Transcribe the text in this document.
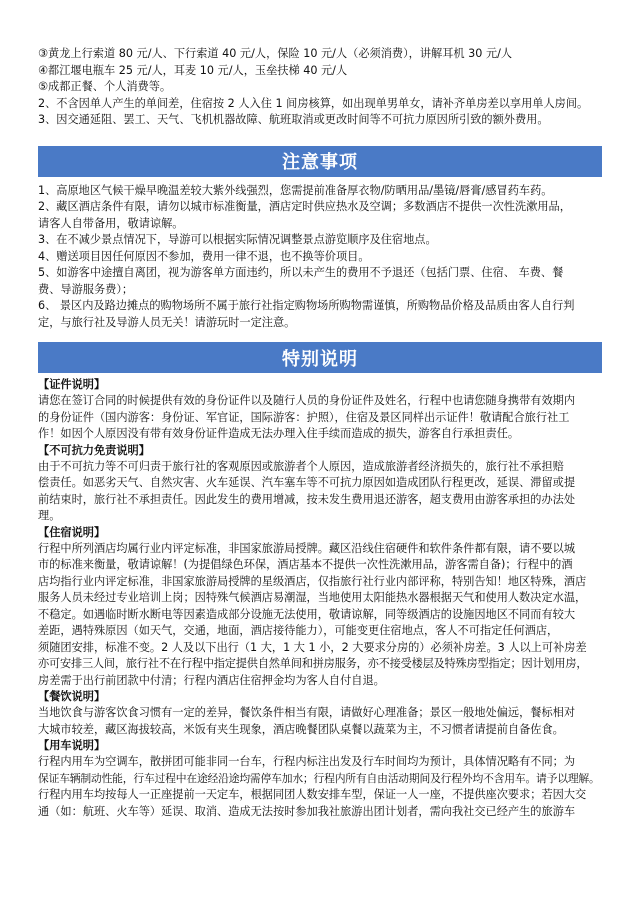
③黄龙上行索道 80 元/人、下行索道 40 元/人，保险 10 元/人（必须消费），讲解耳机 30 元/人

④都江堰电瓶车 25 元/人，耳麦 10 元/人，玉垒扶梯 40 元/人

⑤成都正餐、个人消费等。

2、不含因单人产生的单间差，住宿按 2 人入住 1 间房核算，如出现单男单女，请补齐单房差以享用单人房间。

3、因交通延阻、罢工、天气、飞机机器故障、航班取消或更改时间等不可抗力原因所引致的额外费用。

注意事项

1、高原地区气候干燥早晚温差较大紫外线强烈，您需提前准备厚衣物/防晒用品/墨镜/唇膏/感冒药车药。

2、藏区酒店条件有限，请勿以城市标准衡量，酒店定时供应热水及空调；多数酒店不提供一次性洗漱用品，

请客人自带备用，敬请谅解。

3、在不减少景点情况下，导游可以根据实际情况调整景点游览顺序及住宿地点。

4、赠送项目因任何原因不参加，费用一律不退，也不换等价项目。

5、如游客中途擅自离团，视为游客单方面违约，所以未产生的费用不予退还（包括门票、住宿、 车费、餐

费、导游服务费）；

6、 景区内及路边摊点的购物场所不属于旅行社指定购物场所购物需谨慎，所购物品价格及品质由客人自行判

定，与旅行社及导游人员无关！请游玩时一定注意。

特别说明

【证件说明】

请您在签订合同的时候提供有效的身份证件以及随行人员的身份证件及姓名，行程中也请您随身携带有效期内

的身份证件（国内游客：身份证、军官证，国际游客：护照），住宿及景区同样出示证件！敬请配合旅行社工

作！如因个人原因没有带有效身份证件造成无法办理入住手续而造成的损失，游客自行承担责任。

【不可抗力免责说明】

由于不可抗力等不可归责于旅行社的客观原因或旅游者个人原因，造成旅游者经济损失的，旅行社不承担赔

偿责任。如恶劣天气、自然灾害、火车延误、汽车塞车等不可抗力原因如造成团队行程更改，延误、滞留或提

前结束时，旅行社不承担责任。因此发生的费用增减，按未发生费用退还游客，超支费用由游客承担的办法处

理。

【住宿说明】

行程中所列酒店均属行业内评定标准，非国家旅游局授牌。藏区沿线住宿硬件和软件条件都有限，请不要以城

市的标准来衡量，敬请谅解！(为提倡绿色环保，酒店基本不提供一次性洗漱用品，游客需自备)；行程中的酒

店均指行业内评定标准，非国家旅游局授牌的星级酒店，仅指旅行社行业内部评称，特别告知！地区特殊，酒店

服务人员未经过专业培训上岗；因特殊气候酒店易潮湿，当地使用太阳能热水器根据天气和使用人数决定水温，

不稳定。如遇临时断水断电等因素造成部分设施无法使用，敬请谅解，同等级酒店的设施因地区不同而有较大

差距，遇特殊原因（如天气，交通，地面，酒店接待能力），可能变更住宿地点，客人不可指定任何酒店，

须随团安排，标准不变。2 人及以下出行（1 大，1 大 1 小，2 大要求分房的）必须补房差。3 人以上可补房差

亦可安排三人间，旅行社不在行程中指定提供自然单间和拼房服务，亦不接受楼层及特殊房型指定；因计划用房，

房差需于出行前团款中付清；行程内酒店住宿押金均为客人自付自退。

【餐饮说明】

当地饮食与游客饮食习惯有一定的差异，餐饮条件相当有限，请做好心理准备；景区一般地处偏远，餐标相对

大城市较差，藏区海拔较高，米饭有夹生现象，酒店晚餐团队桌餐以蔬菜为主，不习惯者请提前自备佐食。

【用车说明】

行程内用车为空调车，散拼团可能非同一台车，行程内标注出发及行车时间均为预计，具体情况略有不同；为

保证车辆制动性能，行车过程中在途经沿途均需停车加水；行程内所有自由活动期间及行程外均不含用车。请予以理解。

行程内用车均按每人一正座提前一天定车，根据同团人数安排车型，保证一人一座，不提供座次要求；若因大交

通（如：航班、火车等）延误、取消、造成无法按时参加我社旅游出团计划者，需向我社交已经产生的旅游车
